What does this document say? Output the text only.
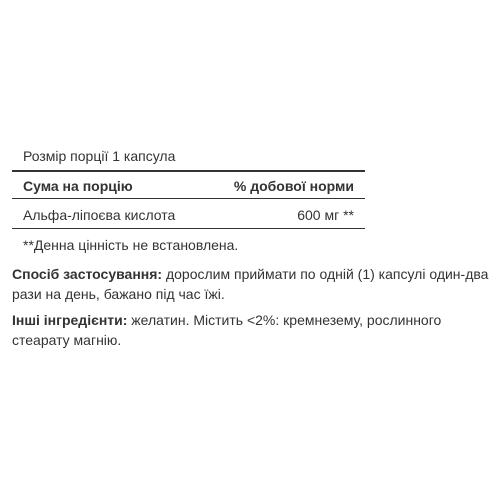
Розмір порції 1 капсула
Сума на порцію	% добової норми
Альфа-ліпоєва кислота	600 мг **
**Денна цінність не встановлена.
Спосіб застосування: дорослим приймати по одній (1) капсулі один-два рази на день, бажано під час їжі.
Інші інгредієнти: желатин. Містить <2%: кремнезему, рослинного стеарату магнію.
